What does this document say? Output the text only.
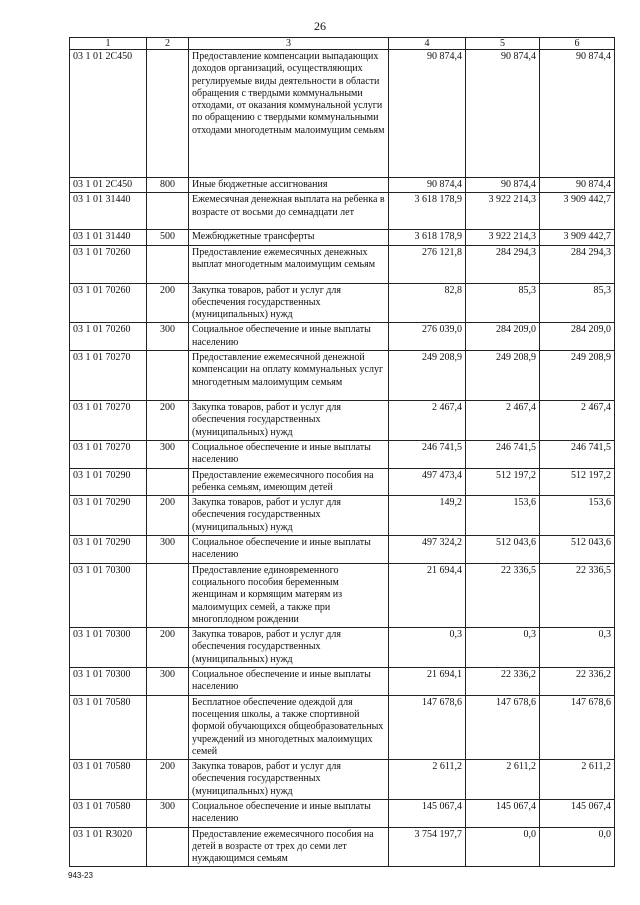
26
1	2	3	4	5	6
03 1 01 2С450		Предоставление компенсации выпадающих доходов организаций, осуществляющих регулируемые виды деятельности в области обращения с твердыми коммунальными отходами, от оказания коммунальной услуги по обращению с твердыми коммунальными отходами многодетным малоимущим семьям	90 874,4	90 874,4	90 874,4
03 1 01 2С450	800	Иные бюджетные ассигнования	90 874,4	90 874,4	90 874,4
03 1 01 31440		Ежемесячная денежная выплата на ребенка в возрасте от восьми до семнадцати лет	3 618 178,9	3 922 214,3	3 909 442,7
03 1 01 31440	500	Межбюджетные трансферты	3 618 178,9	3 922 214,3	3 909 442,7
03 1 01 70260		Предоставление ежемесячных денежных выплат многодетным малоимущим семьям	276 121,8	284 294,3	284 294,3
03 1 01 70260	200	Закупка товаров, работ и услуг для обеспечения государственных (муниципальных) нужд	82,8	85,3	85,3
03 1 01 70260	300	Социальное обеспечение и иные выплаты населению	276 039,0	284 209,0	284 209,0
03 1 01 70270		Предоставление ежемесячной денежной компенсации на оплату коммунальных услуг многодетным малоимущим семьям	249 208,9	249 208,9	249 208,9
03 1 01 70270	200	Закупка товаров, работ и услуг для обеспечения государственных (муниципальных) нужд	2 467,4	2 467,4	2 467,4
03 1 01 70270	300	Социальное обеспечение и иные выплаты населению	246 741,5	246 741,5	246 741,5
03 1 01 70290		Предоставление ежемесячного пособия на ребенка семьям, имеющим детей	497 473,4	512 197,2	512 197,2
03 1 01 70290	200	Закупка товаров, работ и услуг для обеспечения государственных (муниципальных) нужд	149,2	153,6	153,6
03 1 01 70290	300	Социальное обеспечение и иные выплаты населению	497 324,2	512 043,6	512 043,6
03 1 01 70300		Предоставление единовременного социального пособия беременным женщинам и кормящим матерям из малоимущих семей, а также при многоплодном рождении	21 694,4	22 336,5	22 336,5
03 1 01 70300	200	Закупка товаров, работ и услуг для обеспечения государственных (муниципальных) нужд	0,3	0,3	0,3
03 1 01 70300	300	Социальное обеспечение и иные выплаты населению	21 694,1	22 336,2	22 336,2
03 1 01 70580		Бесплатное обеспечение одеждой для посещения школы, а также спортивной формой обучающихся общеобразовательных учреждений из многодетных малоимущих семей	147 678,6	147 678,6	147 678,6
03 1 01 70580	200	Закупка товаров, работ и услуг для обеспечения государственных (муниципальных) нужд	2 611,2	2 611,2	2 611,2
03 1 01 70580	300	Социальное обеспечение и иные выплаты населению	145 067,4	145 067,4	145 067,4
03 1 01 R3020		Предоставление ежемесячного пособия на детей в возрасте от трех до семи лет нуждающимся семьям	3 754 197,7	0,0	0,0
943-23
